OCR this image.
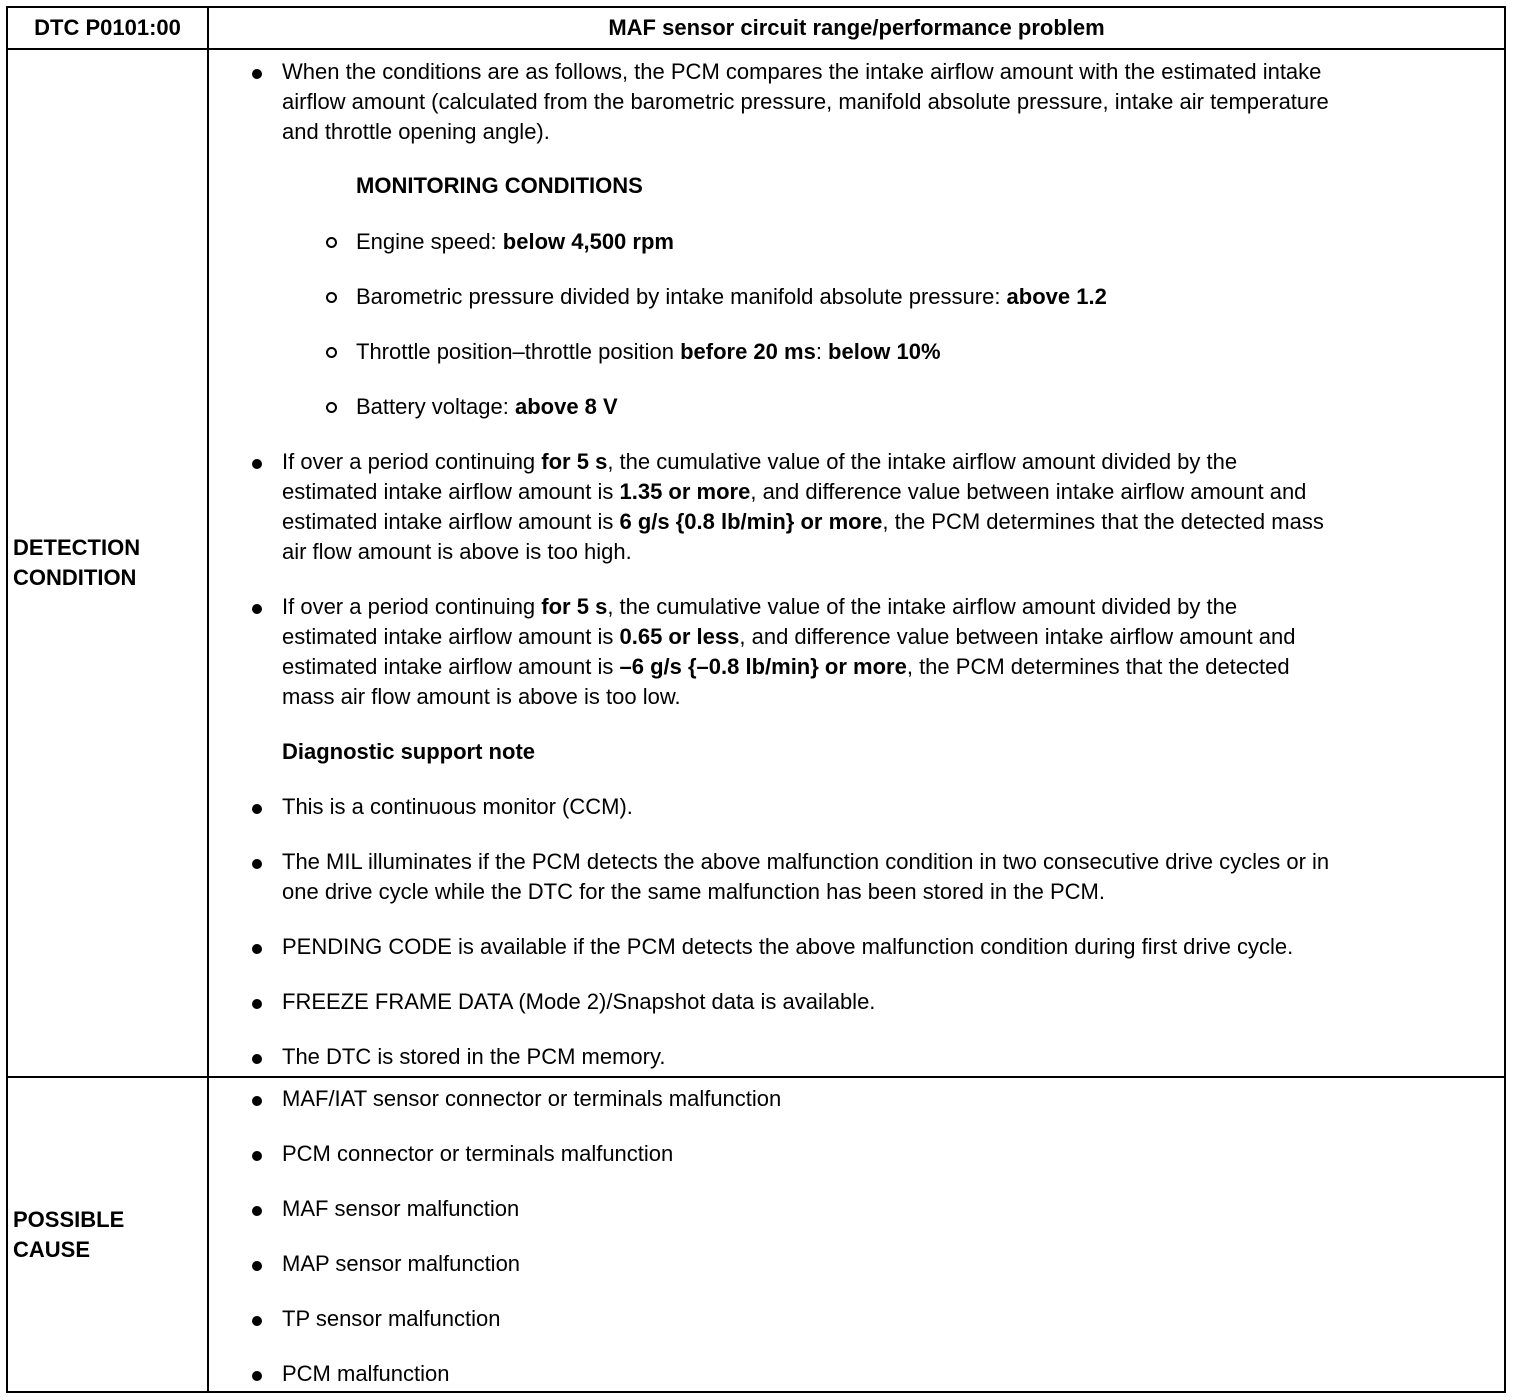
DTC P0101:00	MAF sensor circuit range/performance problem
DETECTION
CONDITION
When the conditions are as follows, the PCM compares the intake airflow amount with the estimated intake
airflow amount (calculated from the barometric pressure, manifold absolute pressure, intake air temperature
and throttle opening angle).
MONITORING CONDITIONS
Engine speed: below 4,500 rpm
Barometric pressure divided by intake manifold absolute pressure: above 1.2
Throttle position–throttle position before 20 ms: below 10%
Battery voltage: above 8 V
If over a period continuing for 5 s, the cumulative value of the intake airflow amount divided by the
estimated intake airflow amount is 1.35 or more, and difference value between intake airflow amount and
estimated intake airflow amount is 6 g/s {0.8 lb/min} or more, the PCM determines that the detected mass
air flow amount is above is too high.
If over a period continuing for 5 s, the cumulative value of the intake airflow amount divided by the
estimated intake airflow amount is 0.65 or less, and difference value between intake airflow amount and
estimated intake airflow amount is –6 g/s {–0.8 lb/min} or more, the PCM determines that the detected
mass air flow amount is above is too low.
Diagnostic support note
This is a continuous monitor (CCM).
The MIL illuminates if the PCM detects the above malfunction condition in two consecutive drive cycles or in
one drive cycle while the DTC for the same malfunction has been stored in the PCM.
PENDING CODE is available if the PCM detects the above malfunction condition during first drive cycle.
FREEZE FRAME DATA (Mode 2)/Snapshot data is available.
The DTC is stored in the PCM memory.
POSSIBLE
CAUSE
MAF/IAT sensor connector or terminals malfunction
PCM connector or terminals malfunction
MAF sensor malfunction
MAP sensor malfunction
TP sensor malfunction
PCM malfunction
